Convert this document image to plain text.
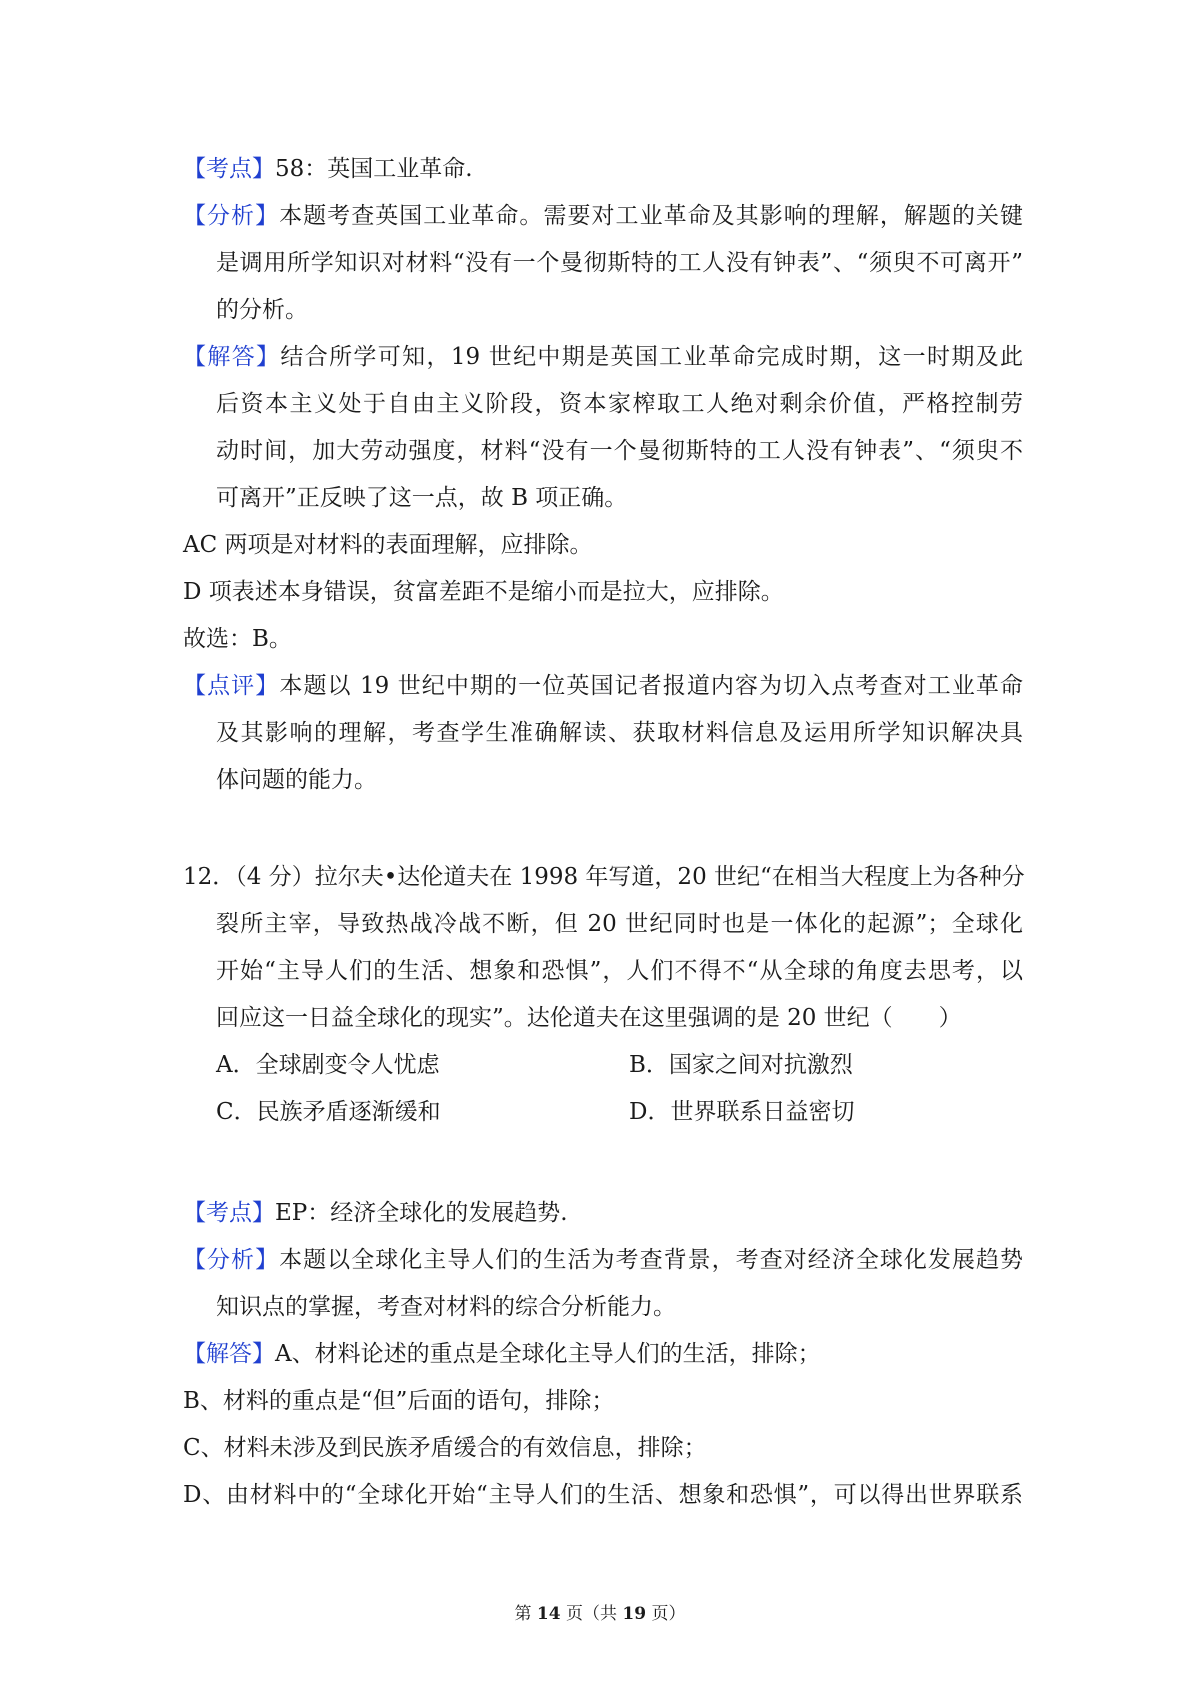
【考点】58：英国工业革命.
【分析】本题考查英国工业革命。需要对工业革命及其影响的理解，解题的关键
是调用所学知识对材料“没有一个曼彻斯特的工人没有钟表”、“须臾不可离开”
的分析。
【解答】结合所学可知，19 世纪中期是英国工业革命完成时期，这一时期及此
后资本主义处于自由主义阶段，资本家榨取工人绝对剩余价值，严格控制劳
动时间，加大劳动强度，材料“没有一个曼彻斯特的工人没有钟表”、“须臾不
可离开”正反映了这一点，故 B 项正确。
AC 两项是对材料的表面理解，应排除。
D 项表述本身错误，贫富差距不是缩小而是拉大，应排除。
故选：B。
【点评】本题以 19 世纪中期的一位英国记者报道内容为切入点考查对工业革命
及其影响的理解，考查学生准确解读、获取材料信息及运用所学知识解决具
体问题的能力。
12．（4 分）拉尔夫•达伦道夫在 1998 年写道，20 世纪“在相当大程度上为各种分
裂所主宰，导致热战冷战不断，但 20 世纪同时也是一体化的起源”；全球化
开始“主导人们的生活、想象和恐惧”，人们不得不“从全球的角度去思考，以
回应这一日益全球化的现实”。达伦道夫在这里强调的是 20 世纪（　　）
A．全球剧变令人忧虑	B．国家之间对抗激烈
C．民族矛盾逐渐缓和	D．世界联系日益密切
【考点】EP：经济全球化的发展趋势.
【分析】本题以全球化主导人们的生活为考查背景，考查对经济全球化发展趋势
知识点的掌握，考查对材料的综合分析能力。
【解答】A、材料论述的重点是全球化主导人们的生活，排除；
B、材料的重点是“但”后面的语句，排除；
C、材料未涉及到民族矛盾缓合的有效信息，排除；
D、由材料中的“全球化开始“主导人们的生活、想象和恐惧”，可以得出世界联系
第 14 页（共 19 页）
